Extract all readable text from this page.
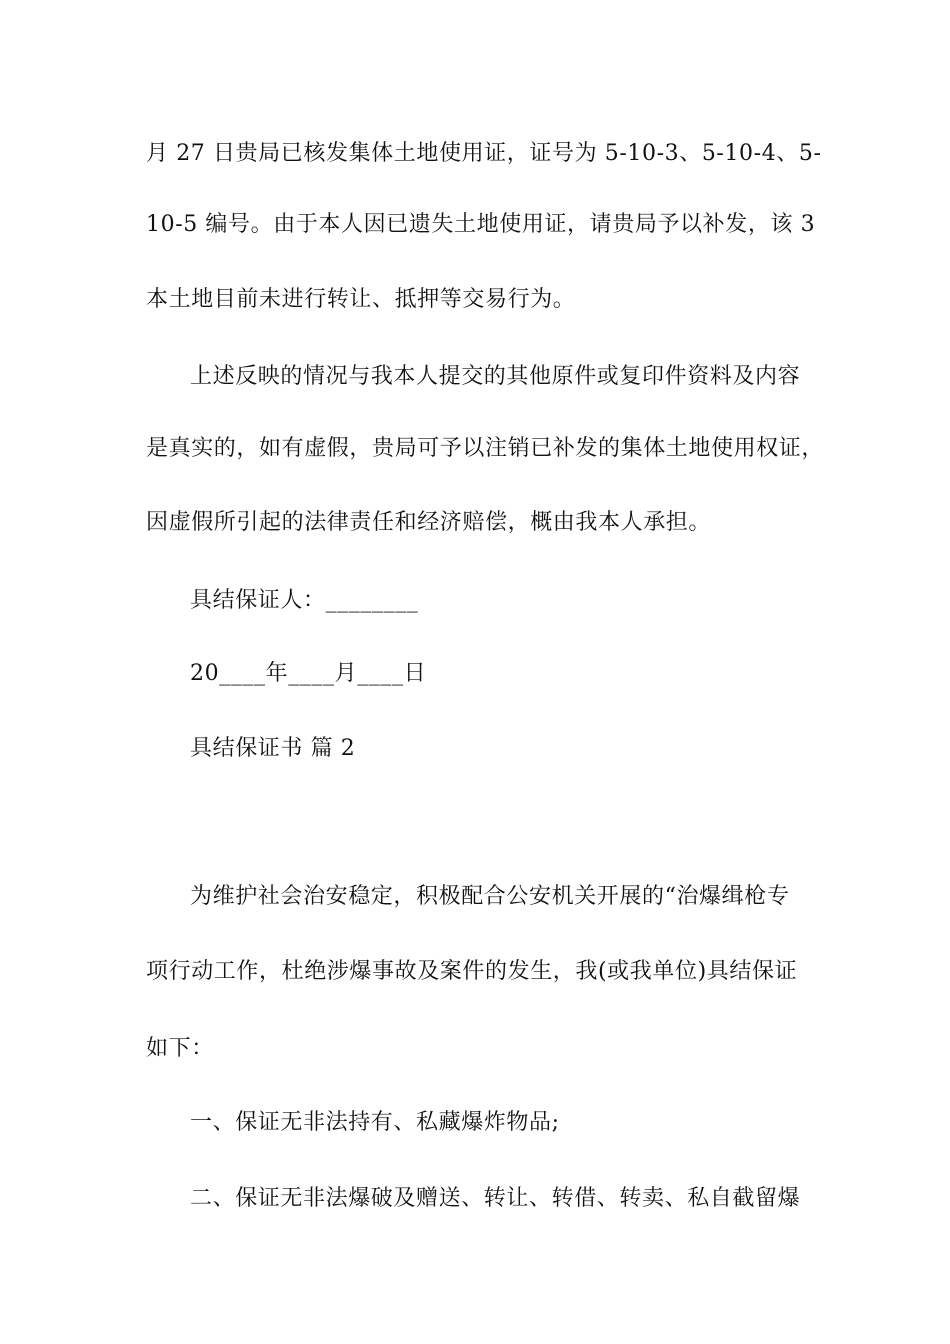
月 27 日贵局已核发集体土地使用证，证号为 5-10-3、5-10-4、5-
10-5 编号。由于本人因已遗失土地使用证，请贵局予以补发，该 3
本土地目前未进行转让、抵押等交易行为。
上述反映的情况与我本人提交的其他原件或复印件资料及内容
是真实的，如有虚假，贵局可予以注销已补发的集体土地使用权证，
因虚假所引起的法律责任和经济赔偿，概由我本人承担。
具结保证人：________
20____年____月____日
具结保证书 篇 2
为维护社会治安稳定，积极配合公安机关开展的“治爆缉枪专
项行动工作，杜绝涉爆事故及案件的发生，我(或我单位)具结保证
如下：
一、保证无非法持有、私藏爆炸物品;
二、保证无非法爆破及赠送、转让、转借、转卖、私自截留爆
